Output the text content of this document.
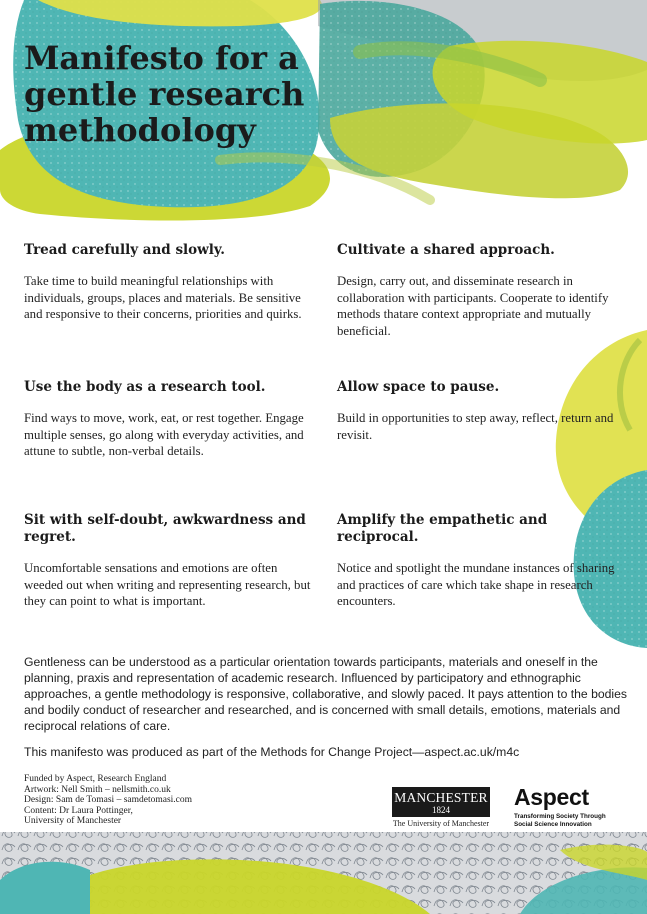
Manifesto for a gentle research methodology
Tread carefully and slowly.

Take time to build meaningful relationships with individuals, groups, places and materials. Be sensitive and responsive to their concerns, priorities and quirks.

Cultivate a shared approach.

Design, carry out, and disseminate research in collaboration with participants. Cooperate to identify methods thatare context appropriate and mutually beneficial.

Use the body as a research tool.

Find ways to move, work, eat, or rest together. Engage multiple senses, go along with everyday activities, and attune to subtle, non-verbal details.

Allow space to pause.

Build in opportunities to step away, reflect, return and revisit.

Sit with self-doubt, awkwardness and regret.

Uncomfortable sensations and emotions are often weeded out when writing and representing research, but they can point to what is important.

Amplify the empathetic and reciprocal.

Notice and spotlight the mundane instances of sharing and practices of care which take shape in research encounters.

Gentleness can be understood as a particular orientation towards participants, materials and oneself in the planning, praxis and representation of academic research. Influenced by participatory and ethnographic approaches, a gentle methodology is responsive, collaborative, and slowly paced. It pays attention to the bodies and bodily conduct of researcher and researched, and is concerned with small details, emotions, materials and reciprocal relations of care.

This manifesto was produced as part of the Methods for Change Project—aspect.ac.uk/m4c

Funded by Aspect, Research England
Artwork: Nell Smith – nellsmith.co.uk
Design: Sam de Tomasi – samdetomasi.com
Content: Dr Laura Pottinger,
University of Manchester
MANCHESTER
1824
The University of Manchester
Aspect
Transforming Society Through
Social Science Innovation
